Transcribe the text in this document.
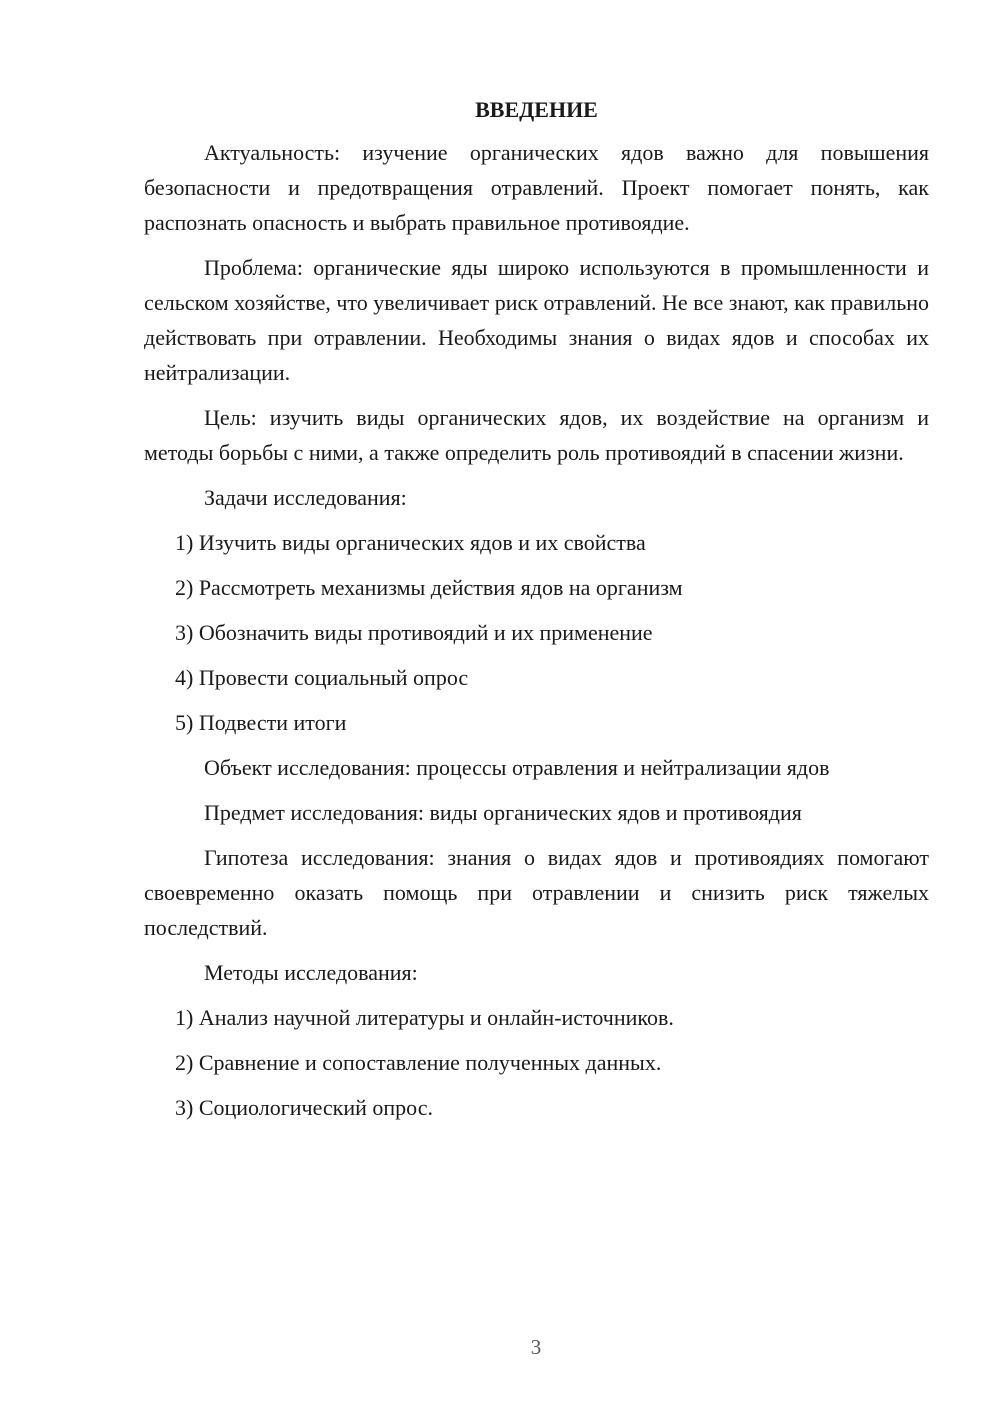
ВВЕДЕНИЕ

Актуальность: изучение органических ядов важно для повышения безопасности и предотвращения отравлений. Проект помогает понять, как распознать опасность и выбрать правильное противоядие.

Проблема: органические яды широко используются в промышленности и сельском хозяйстве, что увеличивает риск отравлений. Не все знают, как правильно действовать при отравлении. Необходимы знания о видах ядов и способах их нейтрализации.

Цель: изучить виды органических ядов, их воздействие на организм и методы борьбы с ними, а также определить роль противоядий в спасении жизни.

Задачи исследования:
1) Изучить виды органических ядов и их свойства
2) Рассмотреть механизмы действия ядов на организм
3) Обозначить виды противоядий и их применение
4) Провести социальный опрос
5) Подвести итоги
Объект исследования: процессы отравления и нейтрализации ядов
Предмет исследования: виды органических ядов и противоядия

Гипотеза исследования: знания о видах ядов и противоядиях помогают своевременно оказать помощь при отравлении и снизить риск тяжелых последствий.

Методы исследования:
1) Анализ научной литературы и онлайн-источников.
2) Сравнение и сопоставление полученных данных.
3) Социологический опрос.
3
